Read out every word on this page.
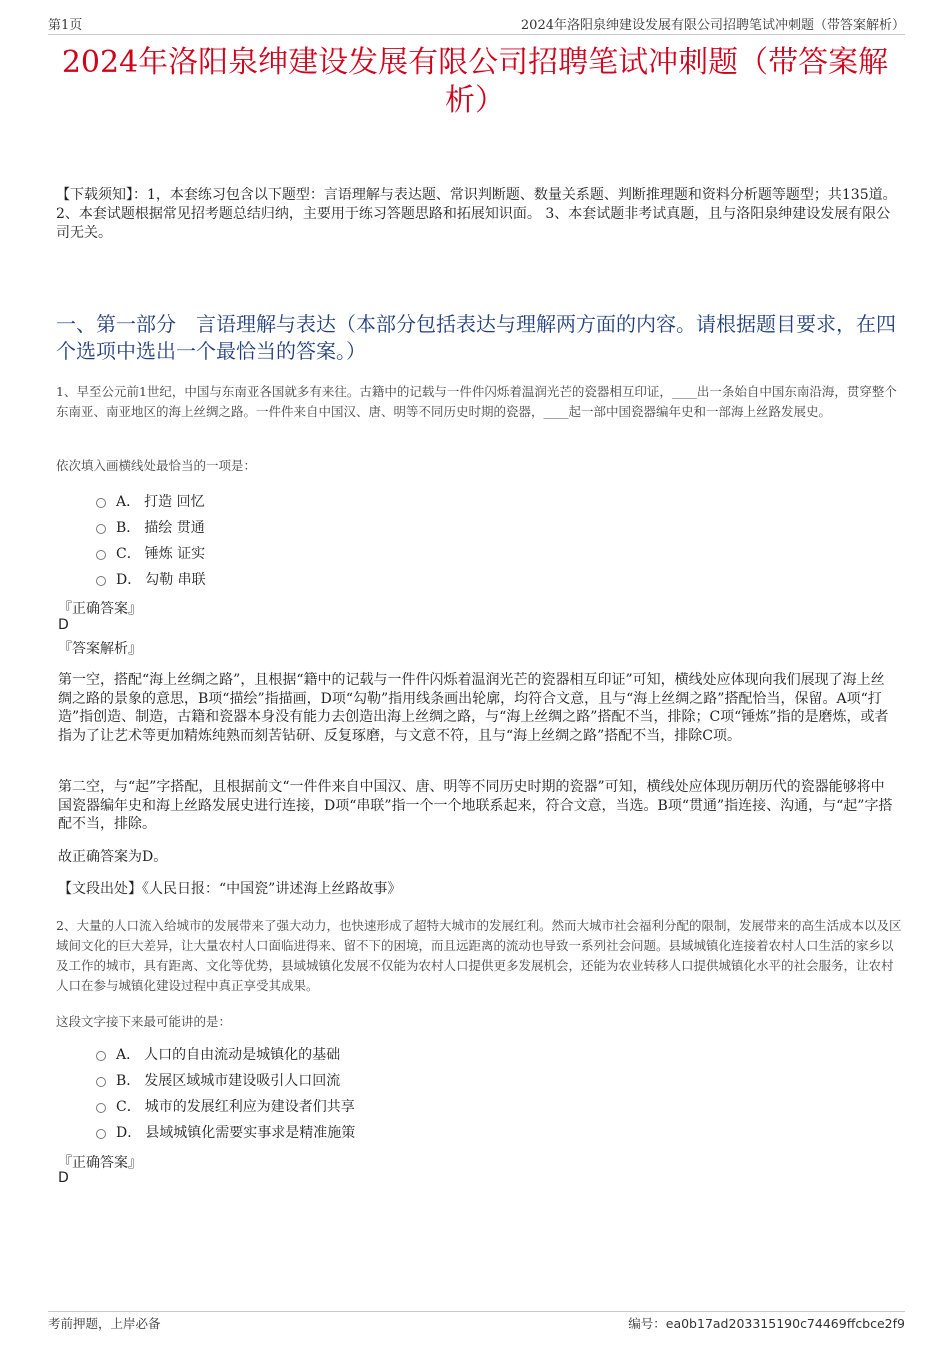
第1页	2024年洛阳泉绅建设发展有限公司招聘笔试冲刺题（带答案解析）
2024年洛阳泉绅建设发展有限公司招聘笔试冲刺题（带答案解析）
【下载须知】：1，本套练习包含以下题型：言语理解与表达题、常识判断题、数量关系题、判断推理题和资料分析题等题型；共135道。 2、本套试题根据常见招考题总结归纳，主要用于练习答题思路和拓展知识面。 3、本套试题非考试真题，且与洛阳泉绅建设发展有限公司无关。
一、第一部分　言语理解与表达（本部分包括表达与理解两方面的内容。请根据题目要求，在四个选项中选出一个最恰当的答案。）
1、早至公元前1世纪，中国与东南亚各国就多有来往。古籍中的记载与一件件闪烁着温润光芒的瓷器相互印证，____出一条始自中国东南沿海，贯穿整个东南亚、南亚地区的海上丝绸之路。一件件来自中国汉、唐、明等不同历史时期的瓷器，____起一部中国瓷器编年史和一部海上丝路发展史。
依次填入画横线处最恰当的一项是：
A． 打造 回忆
B． 描绘 贯通
C． 锤炼 证实
D． 勾勒 串联
『正确答案』
D
『答案解析』
第一空，搭配“海上丝绸之路”，且根据“籍中的记载与一件件闪烁着温润光芒的瓷器相互印证”可知，横线处应体现向我们展现了海上丝绸之路的景象的意思，B项“描绘”指描画，D项“勾勒”指用线条画出轮廓，均符合文意，且与“海上丝绸之路”搭配恰当，保留。A项“打造”指创造、制造，古籍和瓷器本身没有能力去创造出海上丝绸之路，与“海上丝绸之路”搭配不当，排除；C项“锤炼”指的是磨炼，或者指为了让艺术等更加精炼纯熟而刻苦钻研、反复琢磨，与文意不符，且与“海上丝绸之路”搭配不当，排除C项。
第二空，与“起”字搭配，且根据前文“一件件来自中国汉、唐、明等不同历史时期的瓷器”可知，横线处应体现历朝历代的瓷器能够将中国瓷器编年史和海上丝路发展史进行连接，D项“串联”指一个一个地联系起来，符合文意，当选。B项“贯通”指连接、沟通，与“起”字搭配不当，排除。
故正确答案为D。
【文段出处】《人民日报：“中国瓷”讲述海上丝路故事》
2、大量的人口流入给城市的发展带来了强大动力，也快速形成了超特大城市的发展红利。然而大城市社会福利分配的限制，发展带来的高生活成本以及区域间文化的巨大差异，让大量农村人口面临进得来、留不下的困境，而且远距离的流动也导致一系列社会问题。县域城镇化连接着农村人口生活的家乡以及工作的城市，具有距离、文化等优势，县域城镇化发展不仅能为农村人口提供更多发展机会，还能为农业转移人口提供城镇化水平的社会服务，让农村人口在参与城镇化建设过程中真正享受其成果。
这段文字接下来最可能讲的是：
A． 人口的自由流动是城镇化的基础
B． 发展区域城市建设吸引人口回流
C． 城市的发展红利应为建设者们共享
D． 县域城镇化需要实事求是精准施策
『正确答案』
D
考前押题，上岸必备	编号：ea0b17ad203315190c74469ffcbce2f9
